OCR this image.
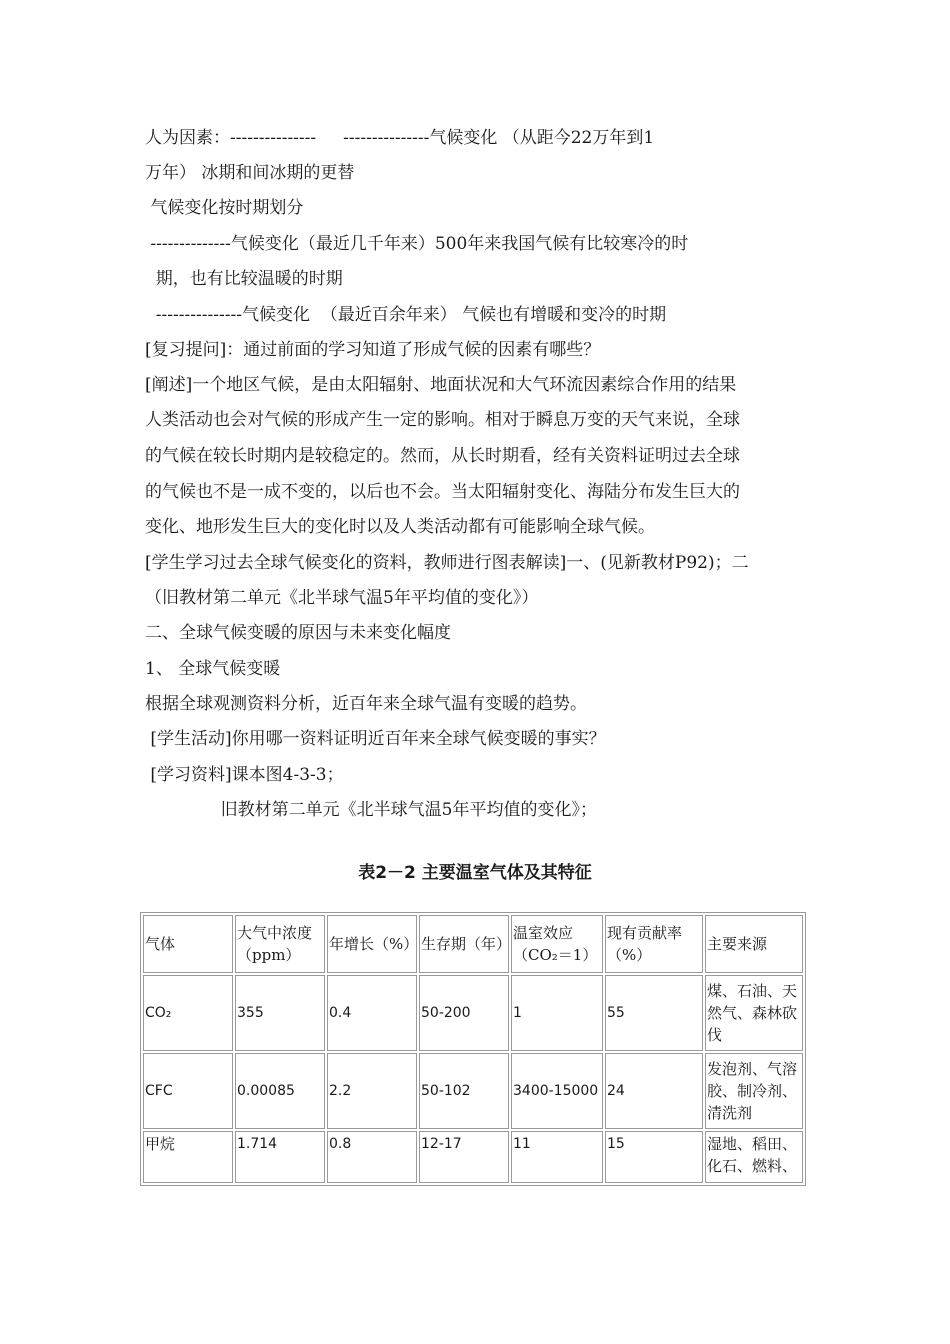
人为因素：---------------     ---------------气候变化 （从距今22万年到1
万年） 冰期和间冰期的更替
气候变化按时期划分
--------------气候变化（最近几千年来）500年来我国气候有比较寒冷的时
期，也有比较温暖的时期
---------------气候变化  （最近百余年来） 气候也有增暖和变冷的时期
[复习提问]：通过前面的学习知道了形成气候的因素有哪些？
[阐述]一个地区气候，是由太阳辐射、地面状况和大气环流因素综合作用的结果
人类活动也会对气候的形成产生一定的影响。相对于瞬息万变的天气来说，全球
的气候在较长时期内是较稳定的。然而，从长时期看，经有关资料证明过去全球
的气候也不是一成不变的，以后也不会。当太阳辐射变化、海陆分布发生巨大的
变化、地形发生巨大的变化时以及人类活动都有可能影响全球气候。
[学生学习过去全球气候变化的资料，教师进行图表解读]一、(见新教材P92)；二
（旧教材第二单元《北半球气温5年平均值的变化》）
二、全球气候变暖的原因与未来变化幅度
1、 全球气候变暖
根据全球观测资料分析，近百年来全球气温有变暖的趋势。
[学生活动]你用哪一资料证明近百年来全球气候变暖的事实？
[学习资料]课本图4-3-3；
旧教材第二单元《北半球气温5年平均值的变化》；
表2－2 主要温室气体及其特征
气体	大气中浓度（ppm）	年增长（%）	生存期（年）	温室效应（CO₂＝1）	现有贡献率（%）	主要来源
CO₂	355	0.4	50-200	1	55	煤、石油、天然气、森林砍伐
CFC	0.00085	2.2	50-102	3400-15000	24	发泡剂、气溶胶、制冷剂、清洗剂
甲烷	1.714	0.8	12-17	11	15	湿地、稻田、化石、燃料、
